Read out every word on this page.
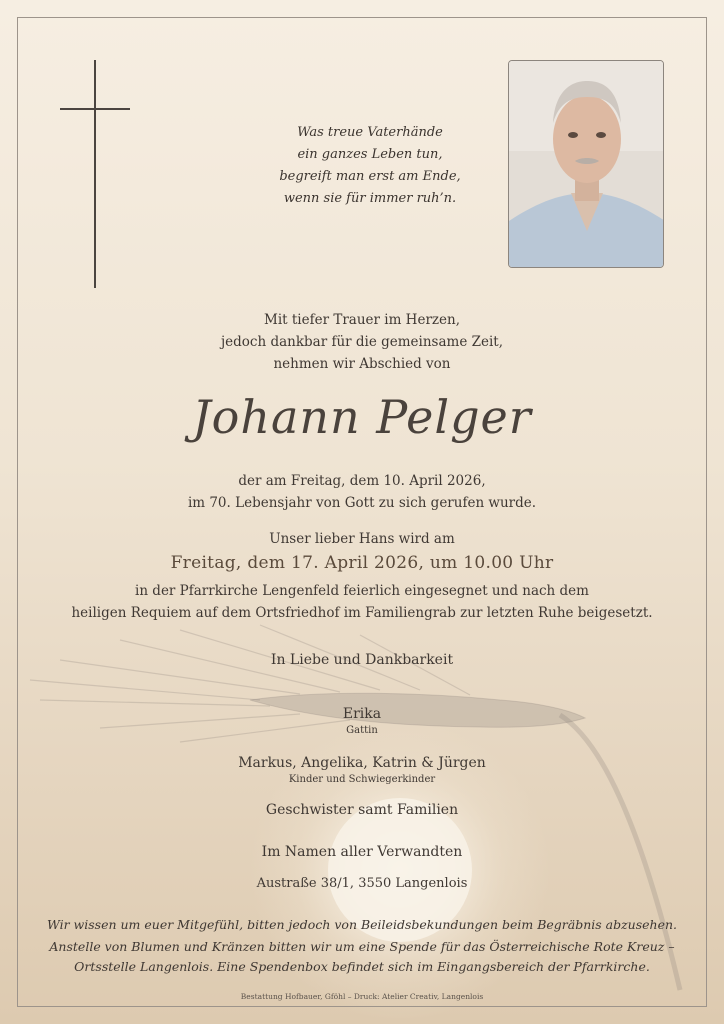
Was treue Vaterhände
ein ganzes Leben tun,
begreift man erst am Ende,
wenn sie für immer ruh’n.
Mit tiefer Trauer im Herzen,
jedoch dankbar für die gemeinsame Zeit,
nehmen wir Abschied von
Johann Pelger
der am Freitag, dem 10. April 2026,
im 70. Lebensjahr von Gott zu sich gerufen wurde.
Unser lieber Hans wird am
Freitag, dem 17. April 2026, um 10.00 Uhr
in der Pfarrkirche Lengenfeld feierlich eingesegnet und nach dem
heiligen Requiem auf dem Ortsfriedhof im Familiengrab zur letzten Ruhe beigesetzt.
In Liebe und Dankbarkeit
Erika
Gattin
Markus, Angelika, Katrin & Jürgen
Kinder und Schwiegerkinder
Geschwister samt Familien
Im Namen aller Verwandten
Austraße 38/1, 3550 Langenlois
Wir wissen um euer Mitgefühl, bitten jedoch von Beileidsbekundungen beim Begräbnis abzusehen.
Anstelle von Blumen und Kränzen bitten wir um eine Spende für das Österreichische Rote Kreuz –
Ortsstelle Langenlois. Eine Spendenbox befindet sich im Eingangsbereich der Pfarrkirche.
Bestattung Hofbauer, Gföhl – Druck: Atelier Creativ, Langenlois
